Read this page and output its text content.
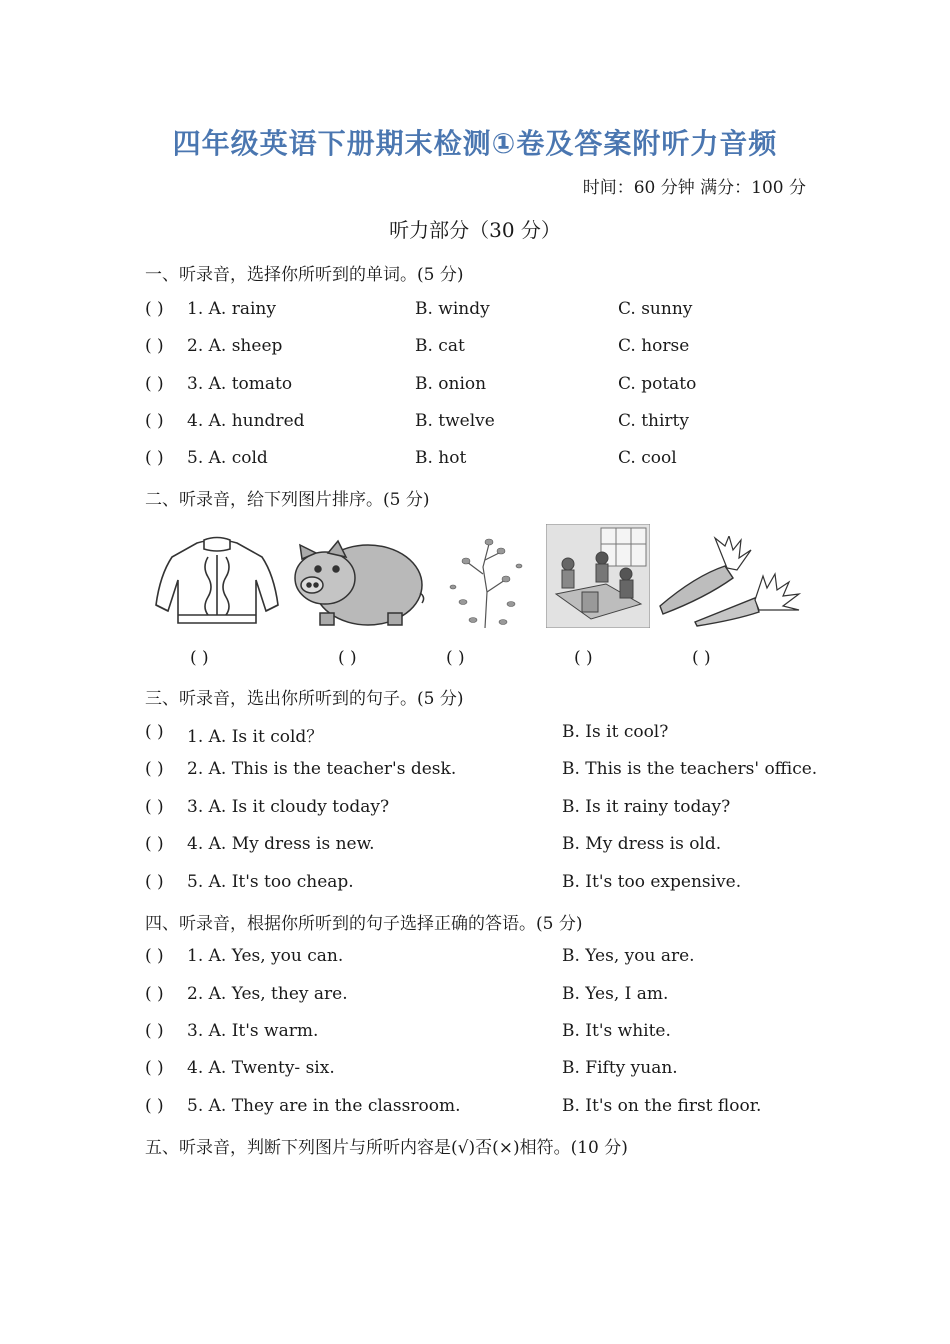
四年级英语下册期末检测①卷及答案附听力音频
时间：60 分钟 满分：100 分
听力部分（30 分）
一、听录音，选择你所听到的单词。(5 分)
( ) 1. A. rainy	B. windy	C. sunny
( ) 2. A. sheep	B. cat	C. horse
( ) 3. A. tomato	B. onion	C. potato
( ) 4. A. hundred	B. twelve	C. thirty
( ) 5. A. cold	B. hot	C. cool
二、听录音，给下列图片排序。(5 分)
( )	( )	( )	( )	( )
三、听录音，选出你所听到的句子。(5 分)
( ) 1. A. Is it cold？	B. Is it cool?
( ) 2. A. This is the teacher's desk.	B. This is the teachers' office.
( ) 3. A. Is it cloudy today?	B. Is it rainy today?
( ) 4. A. My dress is new.	B. My dress is old.
( ) 5. A. It's too cheap.	B. It's too expensive.
四、听录音，根据你所听到的句子选择正确的答语。(5 分)
( ) 1. A. Yes, you can.	B. Yes, you are.
( ) 2. A. Yes, they are.	B. Yes, I am.
( ) 3. A. It's warm.	B. It's white.
( ) 4. A. Twenty- six.	B. Fifty yuan.
( ) 5. A. They are in the classroom.	B. It's on the first floor.
五、听录音，判断下列图片与所听内容是(√)否(×)相符。(10 分)
